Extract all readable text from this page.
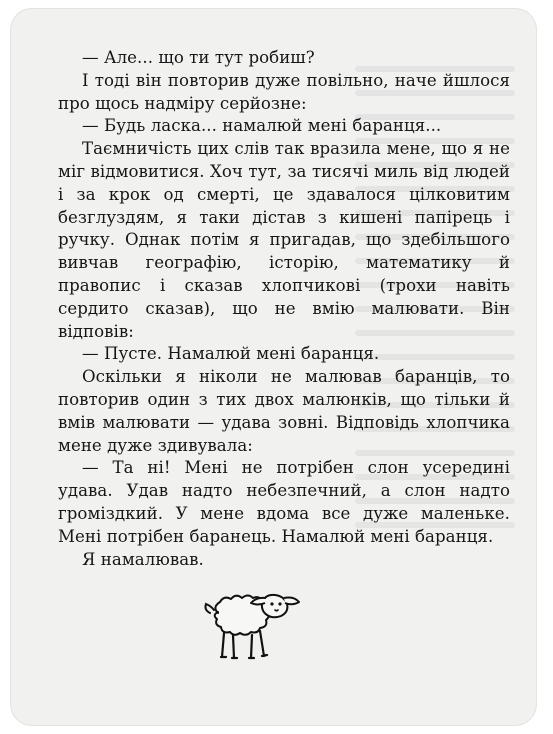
— Але... що ти тут робиш?

І тоді він повторив дуже повільно, наче йшлося про щось надміру серйозне:

— Будь ласка... намалюй мені баранця...

Таємничість цих слів так вразила мене, що я не міг відмовитися. Хоч тут, за тисячі миль від людей і за крок од смерті, це здавалося цілковитим безглуздям, я таки дістав з кишені папірець і ручку. Однак потім я пригадав, що здебільшого вивчав географію, історію, математику й правопис і сказав хлопчикові (трохи навіть сердито сказав), що не вмію малювати. Він відповів:

— Пусте. Намалюй мені баранця.

Оскільки я ніколи не малював баранців, то повторив один з тих двох малюнків, що тільки й вмів малювати — удава зовні. Відповідь хлопчика мене дуже здивувала:

— Та ні! Мені не потрібен слон усередині удава. Удав надто небезпечний, а слон надто громіздкий. У мене вдома все дуже маленьке. Мені потрібен баранець. Намалюй мені баранця.

Я намалював.
